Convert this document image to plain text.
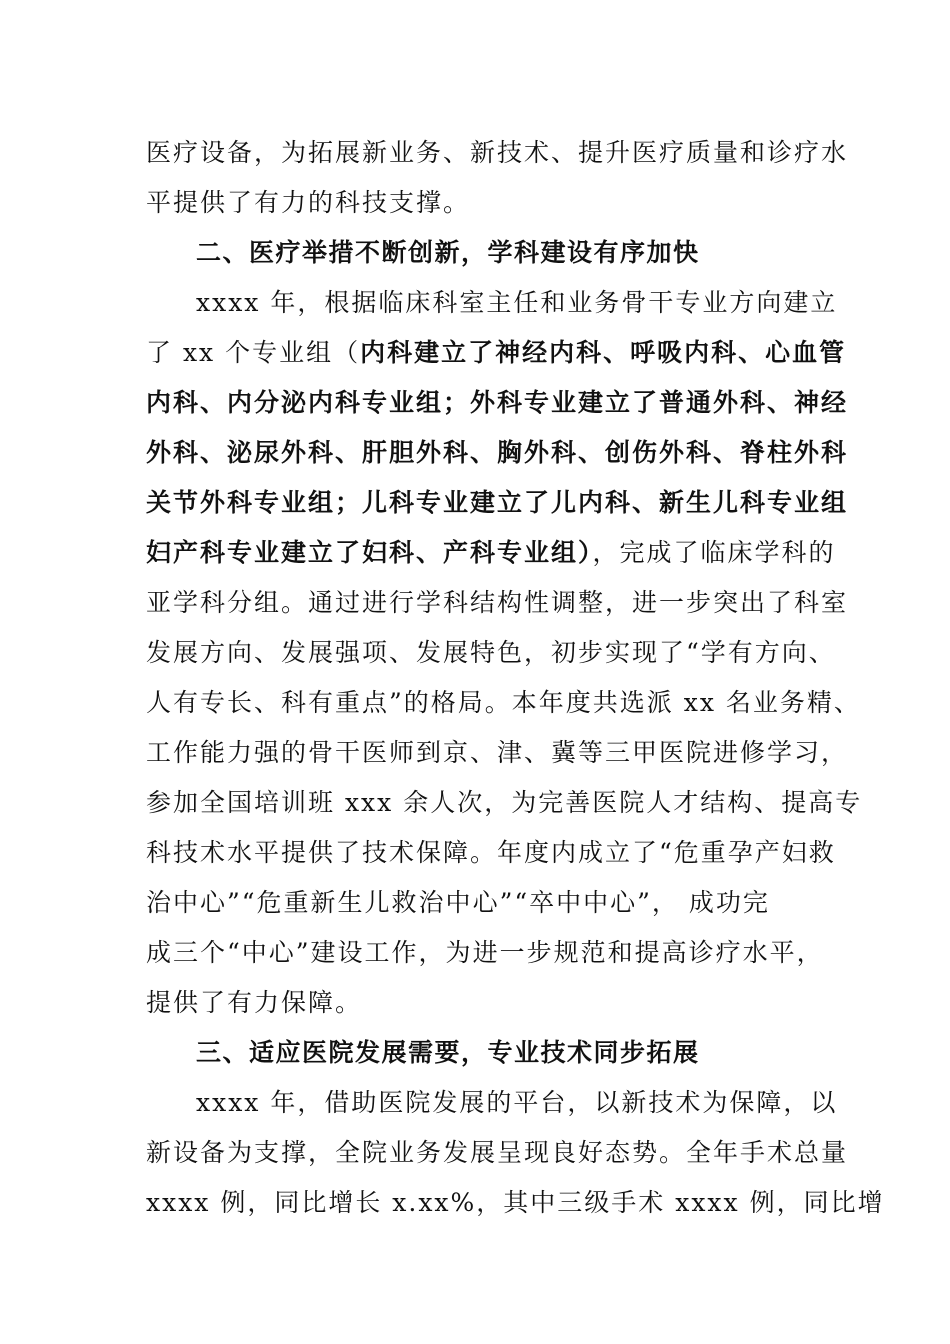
医疗设备，为拓展新业务、新技术、提升医疗质量和诊疗水
平提供了有力的科技支撑。
二、医疗举措不断创新，学科建设有序加快
xxxx 年，根据临床科室主任和业务骨干专业方向建立
了 xx 个专业组（内科建立了神经内科、呼吸内科、心血管
内科、内分泌内科专业组；外科专业建立了普通外科、神经
外科、泌尿外科、肝胆外科、胸外科、创伤外科、脊柱外科
关节外科专业组；儿科专业建立了儿内科、新生儿科专业组
妇产科专业建立了妇科、产科专业组），完成了临床学科的
亚学科分组。通过进行学科结构性调整，进一步突出了科室
发展方向、发展强项、发展特色，初步实现了“学有方向、
人有专长、科有重点”的格局。本年度共选派 xx 名业务精、
工作能力强的骨干医师到京、津、冀等三甲医院进修学习，
参加全国培训班 xxx 余人次，为完善医院人才结构、提高专
科技术水平提供了技术保障。年度内成立了“危重孕产妇救
治中心”“危重新生儿救治中心”“卒中中心”， 成功完
成三个“中心”建设工作，为进一步规范和提高诊疗水平，
提供了有力保障。
三、适应医院发展需要，专业技术同步拓展
xxxx 年，借助医院发展的平台，以新技术为保障，以
新设备为支撑，全院业务发展呈现良好态势。全年手术总量
xxxx 例，同比增长 x.xx%，其中三级手术 xxxx 例，同比增
